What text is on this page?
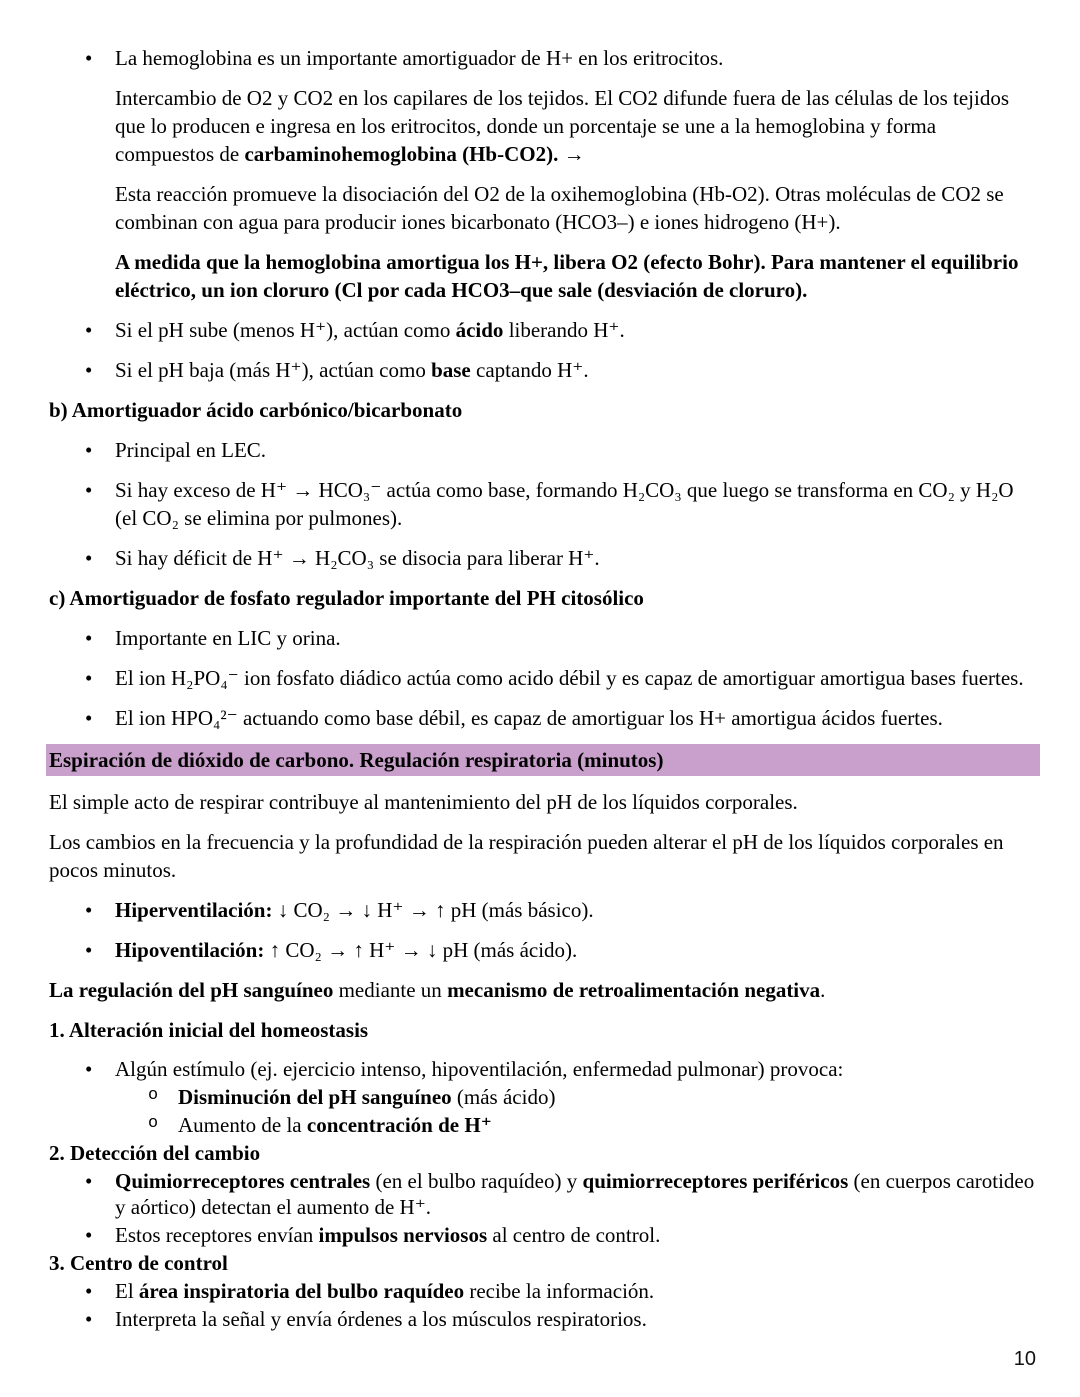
• La hemoglobina es un importante amortiguador de H+ en los eritrocitos.
Intercambio de O2 y CO2 en los capilares de los tejidos. El CO2 difunde fuera de las células de los tejidos que lo producen e ingresa en los eritrocitos, donde un porcentaje se une a la hemoglobina y forma compuestos de carbaminohemoglobina (Hb-CO2). →
Esta reacción promueve la disociación del O2 de la oxihemoglobina (Hb-O2). Otras moléculas de CO2 se combinan con agua para producir iones bicarbonato (HCO3–) e iones hidrogeno (H+).
A medida que la hemoglobina amortigua los H+, libera O2 (efecto Bohr). Para mantener el equilibrio eléctrico, un ion cloruro (Cl por cada HCO3–que sale (desviación de cloruro).
• Si el pH sube (menos H⁺), actúan como ácido liberando H⁺.
• Si el pH baja (más H⁺), actúan como base captando H⁺.
b) Amortiguador ácido carbónico/bicarbonato
• Principal en LEC.
• Si hay exceso de H⁺ → HCO₃⁻ actúa como base, formando H₂CO₃ que luego se transforma en CO₂ y H₂O (el CO₂ se elimina por pulmones).
• Si hay déficit de H⁺ → H₂CO₃ se disocia para liberar H⁺.
c) Amortiguador de fosfato regulador importante del PH citosólico
• Importante en LIC y orina.
• El ion H₂PO₄⁻ ion fosfato diádico actúa como acido débil y es capaz de amortiguar amortigua bases fuertes.
• El ion HPO₄²⁻ actuando como base débil, es capaz de amortiguar los H+ amortigua ácidos fuertes.
Espiración de dióxido de carbono. Regulación respiratoria (minutos)
El simple acto de respirar contribuye al mantenimiento del pH de los líquidos corporales.
Los cambios en la frecuencia y la profundidad de la respiración pueden alterar el pH de los líquidos corporales en pocos minutos.
• Hiperventilación: ↓ CO₂ → ↓ H⁺ → ↑ pH (más básico).
• Hipoventilación: ↑ CO₂ → ↑ H⁺ → ↓ pH (más ácido).
La regulación del pH sanguíneo mediante un mecanismo de retroalimentación negativa.
1. Alteración inicial del homeostasis
• Algún estímulo (ej. ejercicio intenso, hipoventilación, enfermedad pulmonar) provoca:
o Disminución del pH sanguíneo (más ácido)
o Aumento de la concentración de H⁺
2. Detección del cambio
• Quimiorreceptores centrales (en el bulbo raquídeo) y quimiorreceptores periféricos (en cuerpos carotideo y aórtico) detectan el aumento de H⁺.
• Estos receptores envían impulsos nerviosos al centro de control.
3. Centro de control
• El área inspiratoria del bulbo raquídeo recibe la información.
• Interpreta la señal y envía órdenes a los músculos respiratorios.
10
